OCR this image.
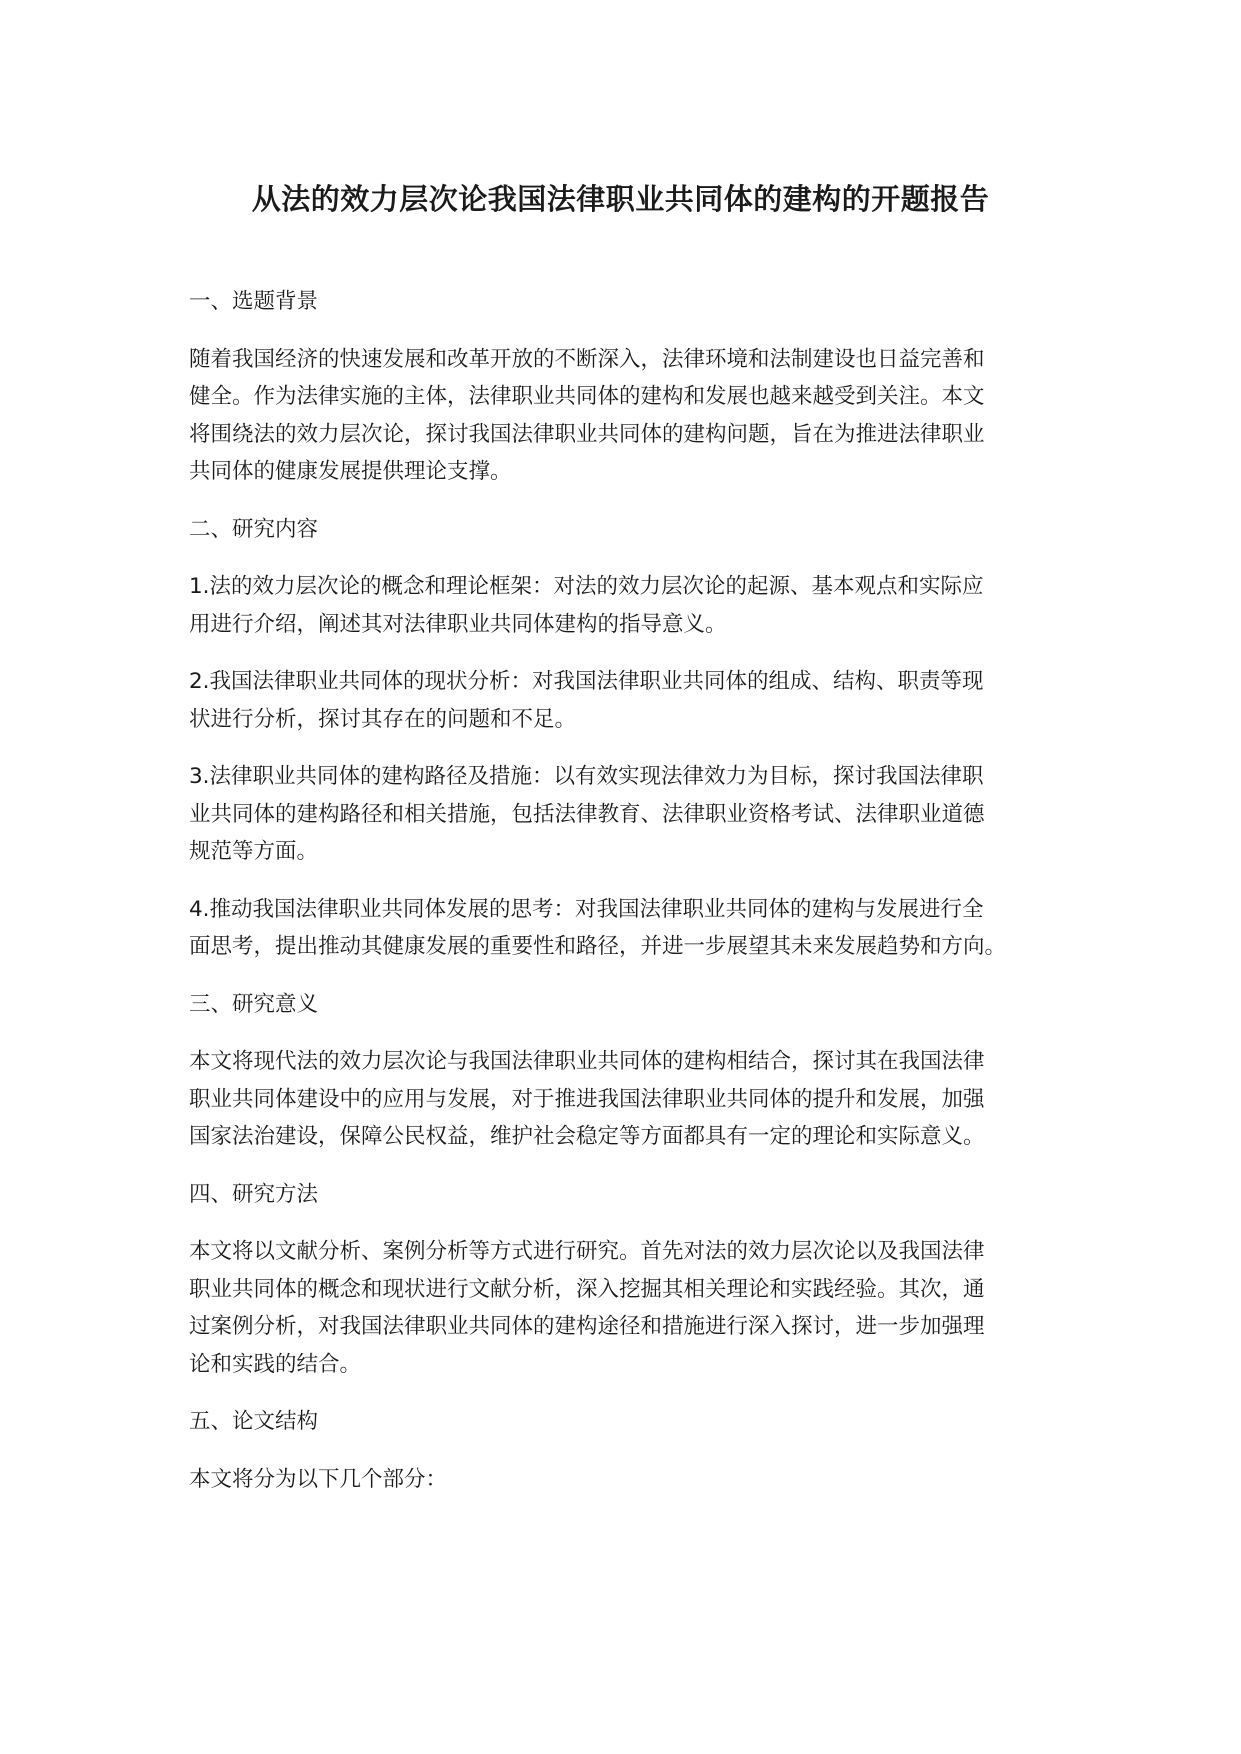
从法的效力层次论我国法律职业共同体的建构的开题报告

一、选题背景

随着我国经济的快速发展和改革开放的不断深入，法律环境和法制建设也日益完善和
健全。作为法律实施的主体，法律职业共同体的建构和发展也越来越受到关注。本文
将围绕法的效力层次论，探讨我国法律职业共同体的建构问题，旨在为推进法律职业
共同体的健康发展提供理论支撑。

二、研究内容

1.法的效力层次论的概念和理论框架：对法的效力层次论的起源、基本观点和实际应
用进行介绍，阐述其对法律职业共同体建构的指导意义。

2.我国法律职业共同体的现状分析：对我国法律职业共同体的组成、结构、职责等现
状进行分析，探讨其存在的问题和不足。

3.法律职业共同体的建构路径及措施：以有效实现法律效力为目标，探讨我国法律职
业共同体的建构路径和相关措施，包括法律教育、法律职业资格考试、法律职业道德
规范等方面。

4.推动我国法律职业共同体发展的思考：对我国法律职业共同体的建构与发展进行全
面思考，提出推动其健康发展的重要性和路径，并进一步展望其未来发展趋势和方向。

三、研究意义

本文将现代法的效力层次论与我国法律职业共同体的建构相结合，探讨其在我国法律
职业共同体建设中的应用与发展，对于推进我国法律职业共同体的提升和发展，加强
国家法治建设，保障公民权益，维护社会稳定等方面都具有一定的理论和实际意义。

四、研究方法

本文将以文献分析、案例分析等方式进行研究。首先对法的效力层次论以及我国法律
职业共同体的概念和现状进行文献分析，深入挖掘其相关理论和实践经验。其次，通
过案例分析，对我国法律职业共同体的建构途径和措施进行深入探讨，进一步加强理
论和实践的结合。

五、论文结构

本文将分为以下几个部分：
